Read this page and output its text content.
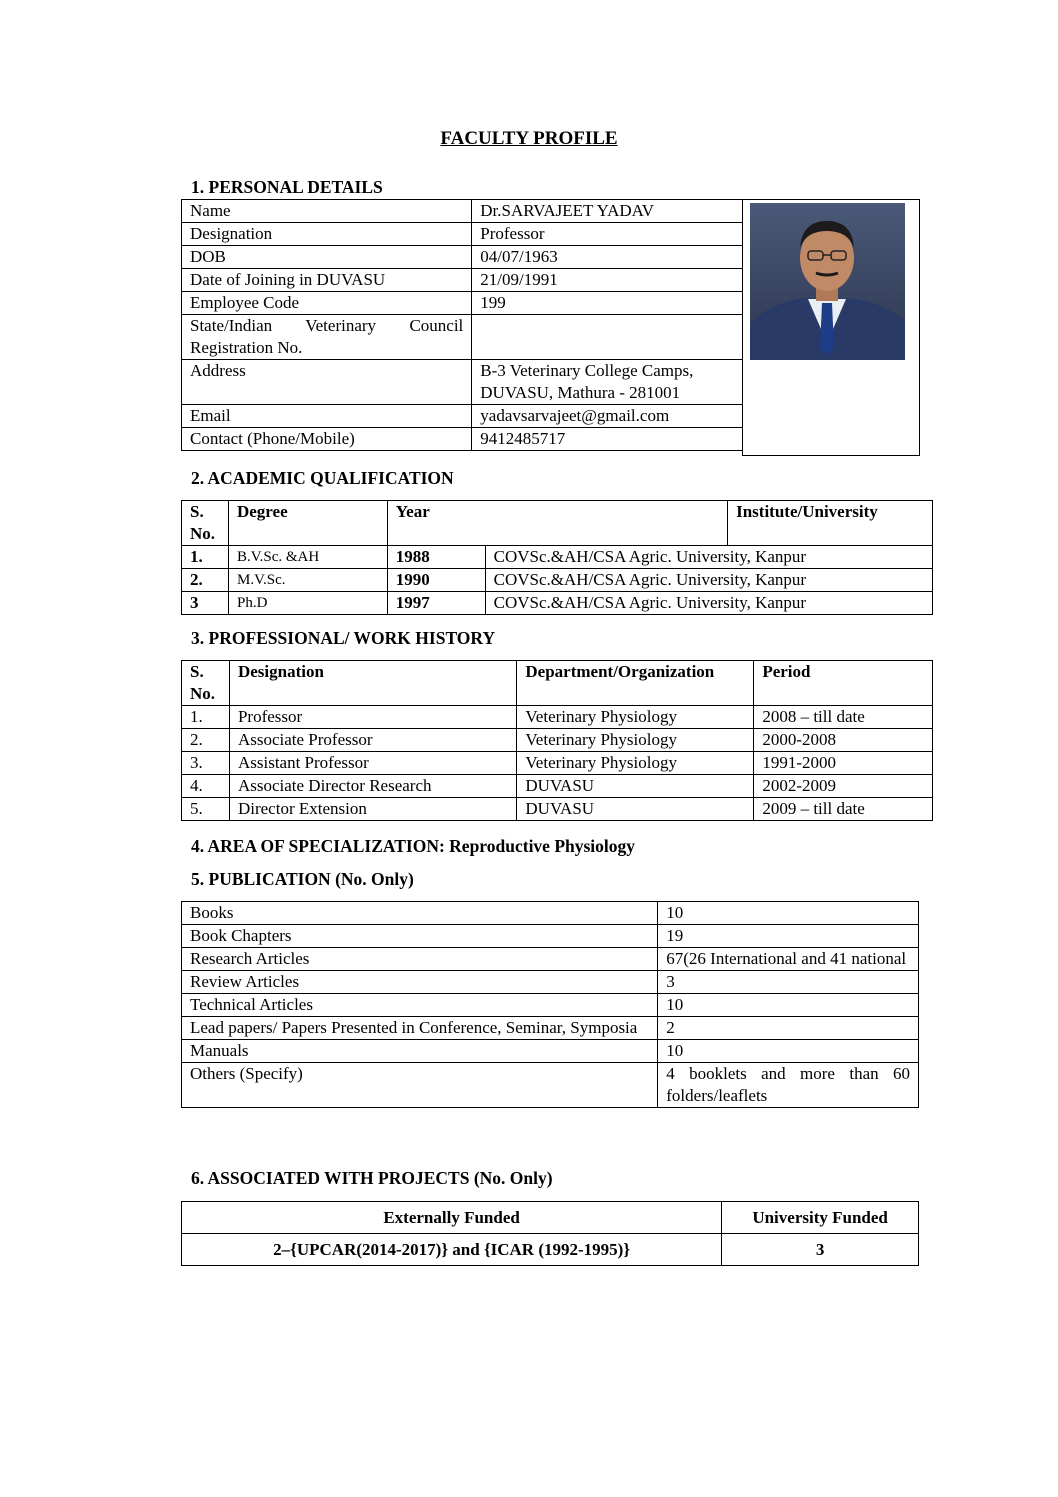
FACULTY PROFILE
1. PERSONAL DETAILS
Name	Dr.SARVAJEET YADAV
Designation	Professor
DOB	04/07/1963
Date of Joining in DUVASU	21/09/1991
Employee Code	199
State/Indian Veterinary Council Registration No.	
Address	B-3 Veterinary College Camps, DUVASU, Mathura - 281001
Email	yadavsarvajeet@gmail.com
Contact (Phone/Mobile)	9412485717
2. ACADEMIC QUALIFICATION
S. No.	Degree	Year		Institute/University
1.	B.V.Sc. &AH	1988	COVSc.&AH/CSA Agric. University, Kanpur	
2.	M.V.Sc.	1990	COVSc.&AH/CSA Agric. University, Kanpur	
3	Ph.D	1997	COVSc.&AH/CSA Agric. University, Kanpur	
3. PROFESSIONAL/ WORK HISTORY
S. No.	Designation	Department/Organization	Period
1.	Professor	Veterinary Physiology	2008 – till date
2.	Associate Professor	Veterinary Physiology	2000-2008
3.	Assistant Professor	Veterinary Physiology	1991-2000
4.	Associate Director Research	DUVASU	2002-2009
5.	Director Extension	DUVASU	2009 – till date
4. AREA OF SPECIALIZATION: Reproductive Physiology
5. PUBLICATION (No. Only)
Books	10
Book Chapters	19
Research Articles	67(26 International and 41 national
Review Articles	3
Technical Articles	10
Lead papers/ Papers Presented in Conference, Seminar, Symposia	2
Manuals	10
Others (Specify)	4 booklets and more than 60 folders/leaflets
6. ASSOCIATED WITH PROJECTS (No. Only)
Externally Funded	University Funded
2–{UPCAR(2014-2017)} and {ICAR (1992-1995)}	3
